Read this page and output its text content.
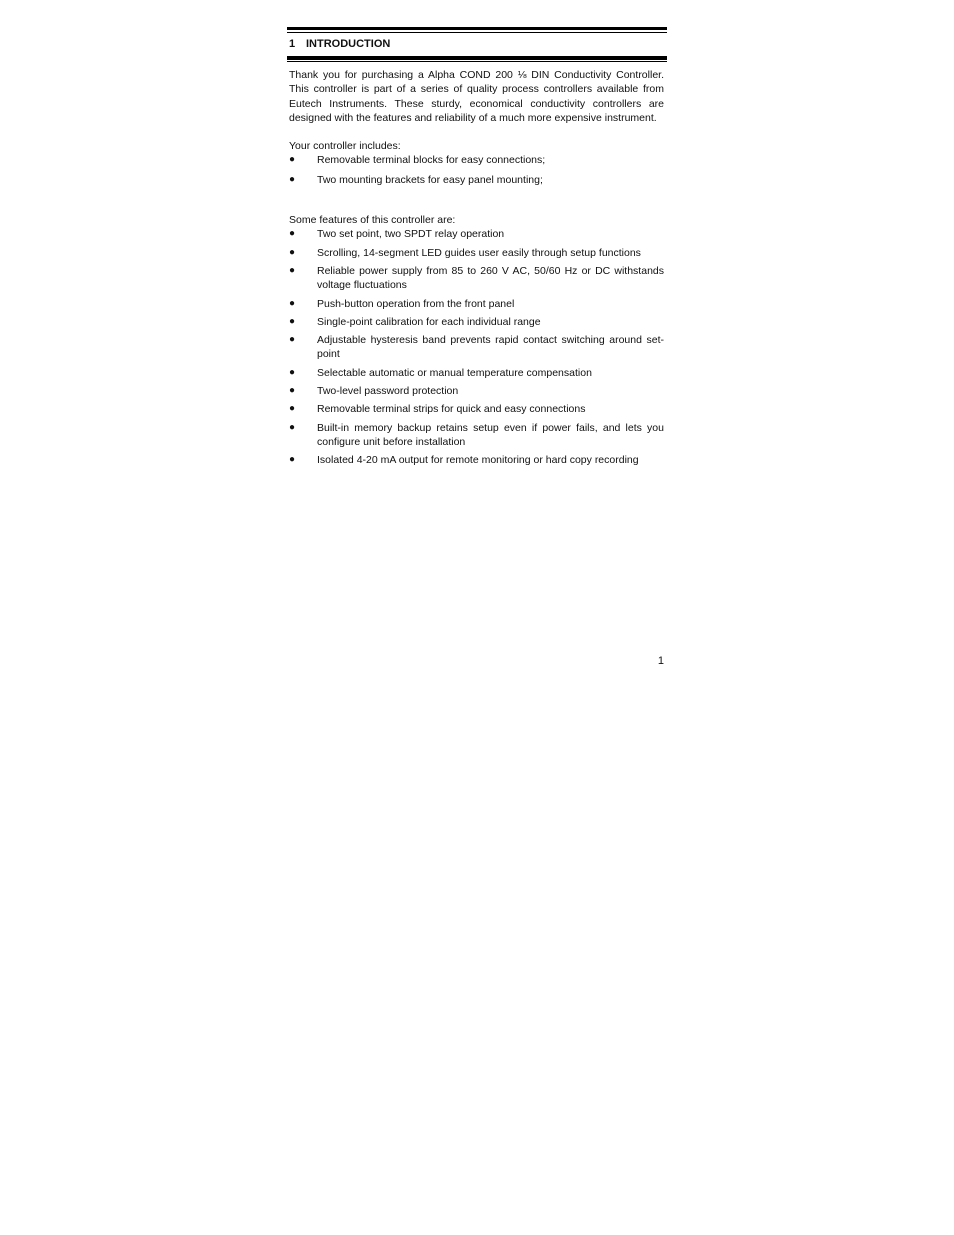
1 INTRODUCTION

Thank you for purchasing a Alpha COND 200 ⅛ DIN Conductivity Controller. This controller is part of a series of quality process controllers available from Eutech Instruments. These sturdy, economical conductivity controllers are designed with the features and reliability of a much more expensive instrument.

Your controller includes:

●	Removable terminal blocks for easy connections;
●	Two mounting brackets for easy panel mounting;

Some features of this controller are:

●	Two set point, two SPDT relay operation
●	Scrolling, 14-segment LED guides user easily through setup functions
●	Reliable power supply from 85 to 260 V AC, 50/60 Hz or DC withstands voltage fluctuations
●	Push-button operation from the front panel
●	Single-point calibration for each individual range
●	Adjustable hysteresis band prevents rapid contact switching around set-point
●	Selectable automatic or manual temperature compensation
●	Two-level password protection
●	Removable terminal strips for quick and easy connections
●	Built-in memory backup retains setup even if power fails, and lets you configure unit before installation
●	Isolated 4-20 mA output for remote monitoring or hard copy recording
1
